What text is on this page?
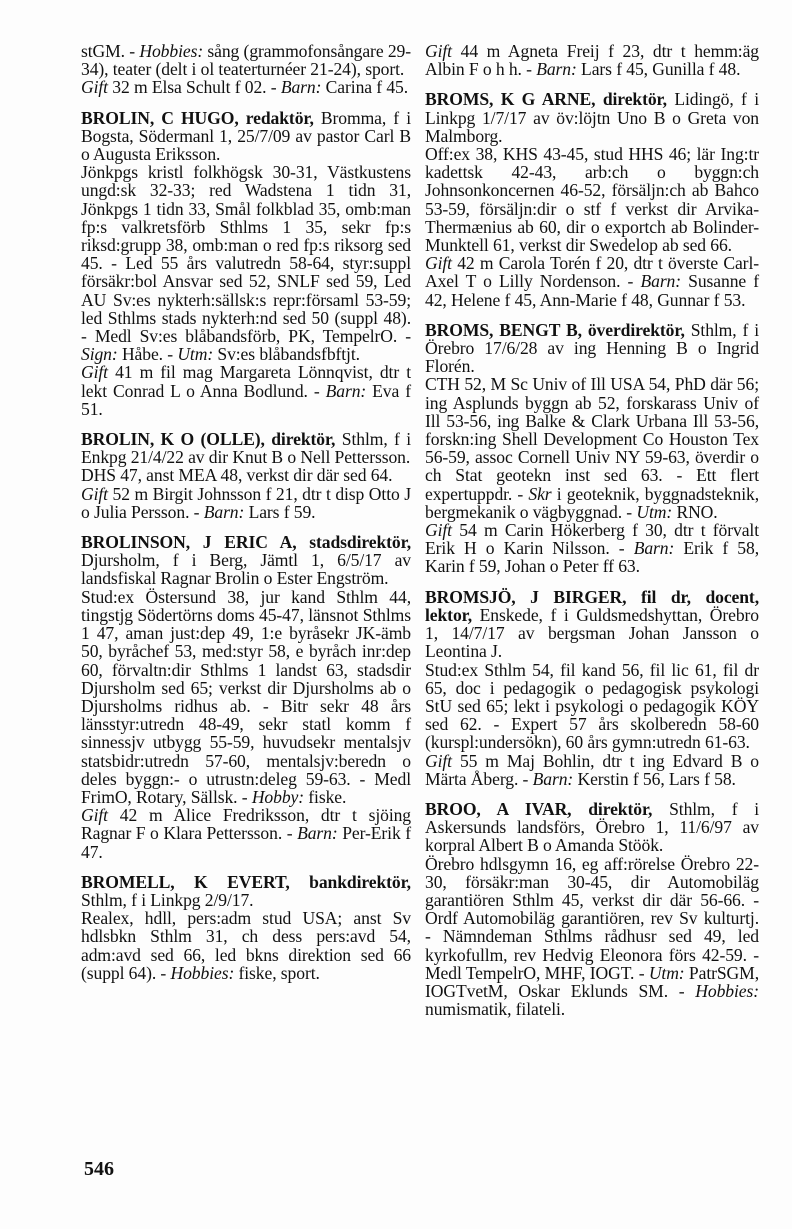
stGM. - Hobbies: sång (grammofonsångare 29-34), teater (delt i ol teaterturnéer 21-24), sport.

Gift 32 m Elsa Schult f 02. - Barn: Carina f 45.

BROLIN, C HUGO, redaktör, Bromma, f i Bogsta, Södermanl 1, 25/7/09 av pastor Carl B o Augusta Eriksson.

Jönkpgs kristl folkhögsk 30-31, Västkustens ungd:sk 32-33; red Wadstena 1 tidn 31, Jönkpgs 1 tidn 33, Smål folkblad 35, omb:man fp:s valkretsförb Sthlms 1 35, sekr fp:s riksd:grupp 38, omb:man o red fp:s riksorg sed 45. - Led 55 års valutredn 58-64, styr:suppl försäkr:bol Ansvar sed 52, SNLF sed 59, Led AU Sv:es nykterh:sällsk:s repr:församl 53-59; led Sthlms stads nykterh:nd sed 50 (suppl 48). - Medl Sv:es blåbandsförb, PK, TempelrO. - Sign: Håbe. - Utm: Sv:es blåbandsfbftjt.

Gift 41 m fil mag Margareta Lönnqvist, dtr t lekt Conrad L o Anna Bodlund. - Barn: Eva f 51.

BROLIN, K O (OLLE), direktör, Sthlm, f i Enkpg 21/4/22 av dir Knut B o Nell Pettersson.

DHS 47, anst MEA 48, verkst dir där sed 64.

Gift 52 m Birgit Johnsson f 21, dtr t disp Otto J o Julia Persson. - Barn: Lars f 59.

BROLINSON, J ERIC A, stadsdirektör, Djursholm, f i Berg, Jämtl 1, 6/5/17 av landsfiskal Ragnar Brolin o Ester Engström.

Stud:ex Östersund 38, jur kand Sthlm 44, tingstjg Södertörns doms 45-47, länsnot Sthlms 1 47, aman just:dep 49, 1:e byråsekr JK-ämb 50, byråchef 53, med:styr 58, e byråch inr:dep 60, förvaltn:dir Sthlms 1 landst 63, stadsdir Djursholm sed 65; verkst dir Djursholms ab o Djursholms ridhus ab. - Bitr sekr 48 års länsstyr:utredn 48-49, sekr statl komm f sinnessjv utbygg 55-59, huvudsekr mentalsjv statsbidr:utredn 57-60, mentalsjv:beredn o deles byggn:- o utrustn:deleg 59-63. - Medl FrimO, Rotary, Sällsk. - Hobby: fiske.

Gift 42 m Alice Fredriksson, dtr t sjöing Ragnar F o Klara Pettersson. - Barn: Per-Erik f 47.

BROMELL, K EVERT, bankdirektör, Sthlm, f i Linkpg 2/9/17.

Realex, hdll, pers:adm stud USA; anst Sv hdlsbkn Sthlm 31, ch dess pers:avd 54, adm:avd sed 66, led bkns direktion sed 66 (suppl 64). - Hobbies: fiske, sport.

Gift 44 m Agneta Freij f 23, dtr t hemm:äg Albin F o h h. - Barn: Lars f 45, Gunilla f 48.

BROMS, K G ARNE, direktör, Lidingö, f i Linkpg 1/7/17 av öv:löjtn Uno B o Greta von Malmborg.

Off:ex 38, KHS 43-45, stud HHS 46; lär Ing:tr kadettsk 42-43, arb:ch o byggn:ch Johnsonkoncernen 46-52, försäljn:ch ab Bahco 53-59, försäljn:dir o stf f verkst dir Arvika-Thermænius ab 60, dir o exportch ab Bolinder-Munktell 61, verkst dir Swedelop ab sed 66.

Gift 42 m Carola Torén f 20, dtr t överste Carl-Axel T o Lilly Nordenson. - Barn: Susanne f 42, Helene f 45, Ann-Marie f 48, Gunnar f 53.

BROMS, BENGT B, överdirektör, Sthlm, f i Örebro 17/6/28 av ing Henning B o Ingrid Florén.

CTH 52, M Sc Univ of Ill USA 54, PhD där 56; ing Asplunds byggn ab 52, forskarass Univ of Ill 53-56, ing Balke & Clark Urbana Ill 53-56, forskn:ing Shell Development Co Houston Tex 56-59, assoc Cornell Univ NY 59-63, överdir o ch Stat geotekn inst sed 63. - Ett flert expertuppdr. - Skr i geoteknik, byggnadsteknik, bergmekanik o vägbyggnad. - Utm: RNO.

Gift 54 m Carin Hökerberg f 30, dtr t förvalt Erik H o Karin Nilsson. - Barn: Erik f 58, Karin f 59, Johan o Peter ff 63.

BROMSJÖ, J BIRGER, fil dr, docent, lektor, Enskede, f i Guldsmedshyttan, Örebro 1, 14/7/17 av bergsman Johan Jansson o Leontina J.

Stud:ex Sthlm 54, fil kand 56, fil lic 61, fil dr 65, doc i pedagogik o pedagogisk psykologi StU sed 65; lekt i psykologi o pedagogik KÖY sed 62. - Expert 57 års skolberedn 58-60 (kurspl:undersökn), 60 års gymn:utredn 61-63.

Gift 55 m Maj Bohlin, dtr t ing Edvard B o Märta Åberg. - Barn: Kerstin f 56, Lars f 58.

BROO, A IVAR, direktör, Sthlm, f i Askersunds landsförs, Örebro 1, 11/6/97 av korpral Albert B o Amanda Stöök.

Örebro hdlsgymn 16, eg aff:rörelse Örebro 22-30, försäkr:man 30-45, dir Automobiläg garantiören Sthlm 45, verkst dir där 56-66. - Ordf Automobiläg garantiören, rev Sv kulturtj. - Nämndeman Sthlms rådhusr sed 49, led kyrkofullm, rev Hedvig Eleonora förs 42-59. - Medl TempelrO, MHF, IOGT. - Utm: PatrSGM, IOGTvetM, Oskar Eklunds SM. - Hobbies: numismatik, filateli.

546
